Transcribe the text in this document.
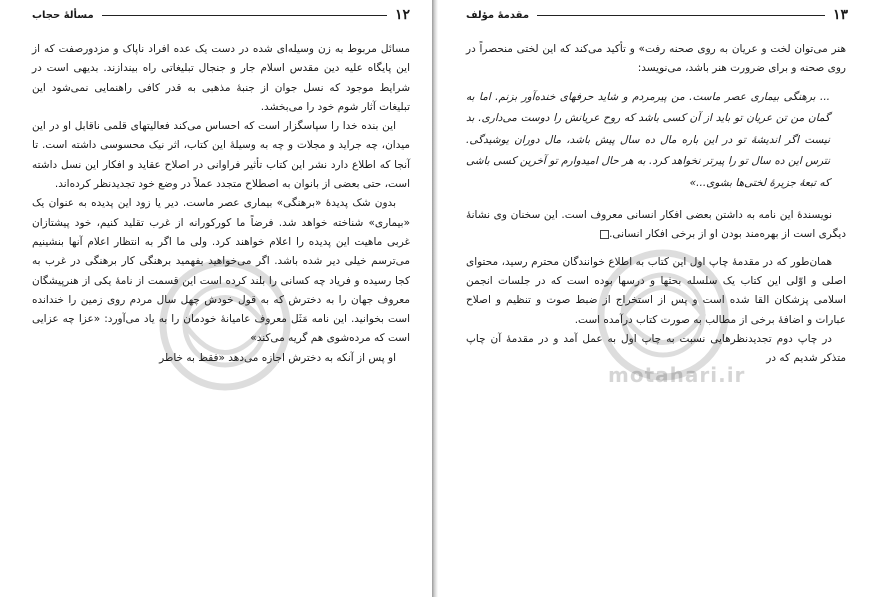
۱۲
مسألهٔ حجاب

مسائل مربوط به زن وسیله‌ای شده در دست یک عده افراد ناپاک و مزدورصفت که از این پایگاه علیه دین مقدس اسلام جار و جنجال تبلیغاتی راه بیندازند. بدیهی است در شرایط موجود که نسل جوان از جنبهٔ مذهبی به قدر کافی راهنمایی نمی‌شود این تبلیغات آثار شوم خود را می‌بخشد.

این بنده خدا را سپاسگزار است که احساس می‌کند فعالیتهای قلمی ناقابل او در این میدان، چه جراید و مجلات و چه به وسیلهٔ این کتاب، اثر نیک محسوسی داشته است. تا آنجا که اطلاع دارد نشر این کتاب تأثیر فراوانی در اصلاح عقاید و افکار این نسل داشته است، حتی بعضی از بانوان به اصطلاح متجدد عملاً در وضع خود تجدیدنظر کرده‌اند.

بدون شک پدیدهٔ «برهنگی» بیماری عصر ماست. دیر یا زود این پدیده به عنوان یک «بیماری» شناخته خواهد شد. فرضاً ما کورکورانه از غرب تقلید کنیم، خود پیشتازان غربی ماهیت این پدیده را اعلام خواهند کرد. ولی ما اگر به انتظار اعلام آنها بنشینیم می‌ترسم خیلی دیر شده باشد. اگر می‌خواهید بفهمید برهنگی کار برهنگی در غرب به کجا رسیده و فریاد چه کسانی را بلند کرده است این قسمت از نامهٔ یکی از هنرپیشگان معروف جهان را به دخترش که به قول خودش چهل سال مردم روی زمین را خندانده است بخوانید. این نامه مَثَل معروف عامیانهٔ خودمان را به یاد می‌آورد: «عزا چه عزایی است که مرده‌شوی هم گریه می‌کند»

او پس از آنکه به دخترش اجازه می‌دهد «فقط به خاطر

motahari.ir
۱۳
مقدمهٔ مؤلف

هنر می‌توان لخت و عریان به روی صحنه رفت» و تأکید می‌کند که این لختی منحصراً در روی صحنه و برای ضرورت هنر باشد، می‌نویسد:

... برهنگی بیماری عصر ماست. من پیرمردم و شاید حرفهای خنده‌آور بزنم. اما به گمان من تن عریان تو باید از آن کسی باشد که روح عریانش را دوست می‌داری. بد نیست اگر اندیشهٔ تو در این باره مال ده سال پیش باشد، مال دوران یوشیدگی. نترس این ده سال تو را پیرتر نخواهد کرد. به هر حال امیدوارم تو آخرین کسی باشی که تبعهٔ جزیرهٔ لختی‌ها بشوی...»

نویسندهٔ این نامه به داشتن بعضی افکار انسانی معروف است. این سخنان وی نشانهٔ دیگری است از بهره‌مند بودن او از برخی افکار انسانی.

همان‌طور که در مقدمهٔ چاپ اول این کتاب به اطلاع خوانندگان محترم رسید، محتوای اصلی و اوّلی این کتاب یک سلسله بحثها و درسها بوده است که در جلسات انجمن اسلامی پزشکان القا شده است و پس از استخراج از ضبط صوت و تنظیم و اصلاح عبارات و اضافهٔ برخی از مطالب به صورت کتاب درآمده است.

در چاپ دوم تجدیدنظرهایی نسبت به چاپ اول به عمل آمد و در مقدمهٔ آن چاپ متذکر شدیم که در
